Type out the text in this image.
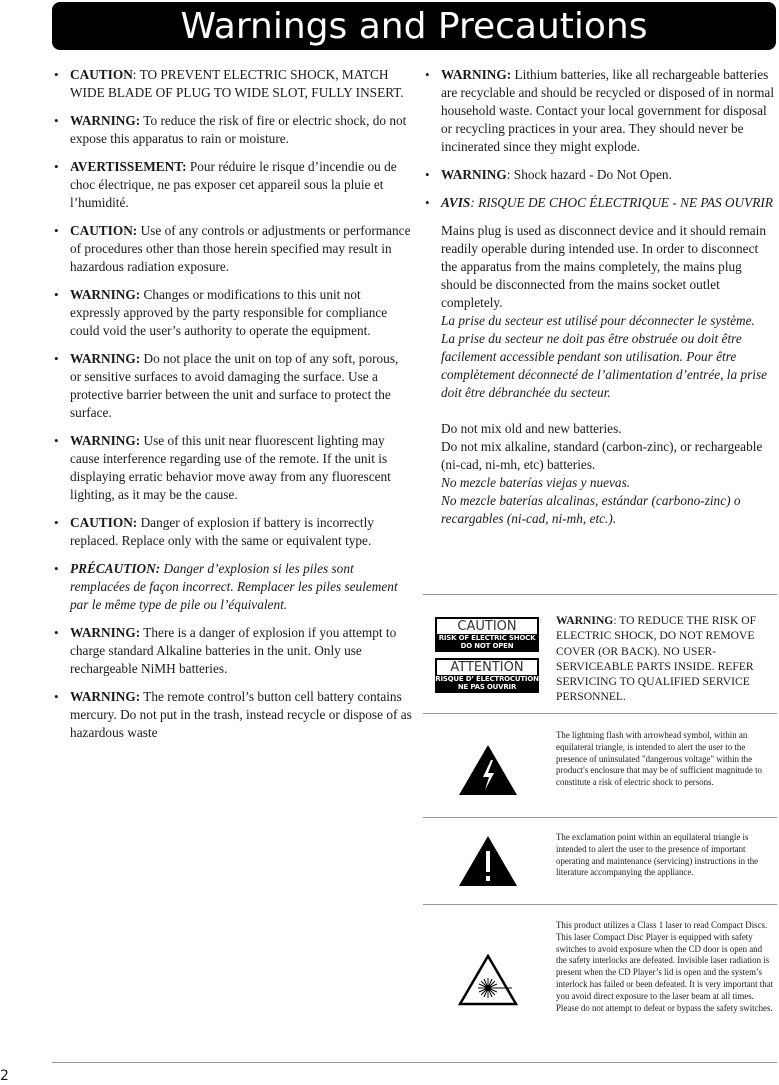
Warnings and Precautions
• CAUTION: TO PREVENT ELECTRIC SHOCK, MATCH WIDE BLADE OF PLUG TO WIDE SLOT, FULLY INSERT.
• WARNING: To reduce the risk of fire or electric shock, do not expose this apparatus to rain or moisture.
• AVERTISSEMENT: Pour réduire le risque d’incendie ou de choc électrique, ne pas exposer cet appareil sous la pluie et l’humidité.
• CAUTION: Use of any controls or adjustments or performance of procedures other than those herein specified may result in hazardous radiation exposure.
• WARNING: Changes or modifications to this unit not expressly approved by the party responsible for compliance could void the user’s authority to operate the equipment.
• WARNING: Do not place the unit on top of any soft, porous, or sensitive surfaces to avoid damaging the surface. Use a protective barrier between the unit and surface to protect the surface.
• WARNING: Use of this unit near fluorescent lighting may cause interference regarding use of the remote. If the unit is displaying erratic behavior move away from any fluorescent lighting, as it may be the cause.
• CAUTION: Danger of explosion if battery is incorrectly replaced. Replace only with the same or equivalent type.
• PRÉCAUTION: Danger d’explosion si les piles sont remplacées de façon incorrect. Remplacer les piles seulement par le même type de pile ou l’équivalent.
• WARNING: There is a danger of explosion if you attempt to charge standard Alkaline batteries in the unit. Only use rechargeable NiMH batteries.
• WARNING: The remote control’s button cell battery contains mercury. Do not put in the trash, instead recycle or dispose of as hazardous waste
• WARNING: Lithium batteries, like all rechargeable batteries are recyclable and should be recycled or disposed of in normal household waste. Contact your local government for disposal or recycling practices in your area. They should never be incinerated since they might explode.
• WARNING: Shock hazard - Do Not Open.
• AVIS: RISQUE DE CHOC ÉLECTRIQUE - NE PAS OUVRIR

Mains plug is used as disconnect device and it should remain readily operable during intended use. In order to disconnect the apparatus from the mains completely, the mains plug should be disconnected from the mains socket outlet completely.

La prise du secteur est utilisé pour déconnecter le système.

La prise du secteur ne doit pas être obstruée ou doit être facilement accessible pendant son utilisation. Pour être complètement déconnecté de l’alimentation d’entrée, la prise doit être débranchée du secteur.

Do not mix old and new batteries.

Do not mix alkaline, standard (carbon-zinc), or rechargeable (ni-cad, ni-mh, etc) batteries.

No mezcle baterías viejas y nuevas.

No mezcle baterías alcalinas, estándar (carbono-zinc) o recargables (ni-cad, ni-mh, etc.).

CAUTION
RISK OF ELECTRIC SHOCK
DO NOT OPEN
ATTENTION
RISQUE D’ ÉLECTROCUTION
NE PAS OUVRIR
WARNING: TO REDUCE THE RISK OF ELECTRIC SHOCK, DO NOT REMOVE COVER (OR BACK). NO USER-SERVICEABLE PARTS INSIDE. REFER SERVICING TO QUALIFIED SERVICE PERSONNEL.
The lightning flash with arrowhead symbol, within an equilateral triangle, is intended to alert the user to the presence of uninsulated "dangerous voltage" within the product's enclosure that may be of sufficient magnitude to constitute a risk of electric shock to persons.
The exclamation point within an equilateral triangle is intended to alert the user to the presence of important operating and maintenance (servicing) instructions in the literature accompanying the appliance.
This product utilizes a Class 1 laser to read Compact Discs. This laser Compact Disc Player is equipped with safety switches to avoid exposure when the CD door is open and the safety interlocks are defeated. Invisible laser radiation is present when the CD Player’s lid is open and the system’s interlock has failed or been defeated. It is very important that you avoid direct exposure to the laser beam at all times. Please do not attempt to defeat or bypass the safety switches.
2
